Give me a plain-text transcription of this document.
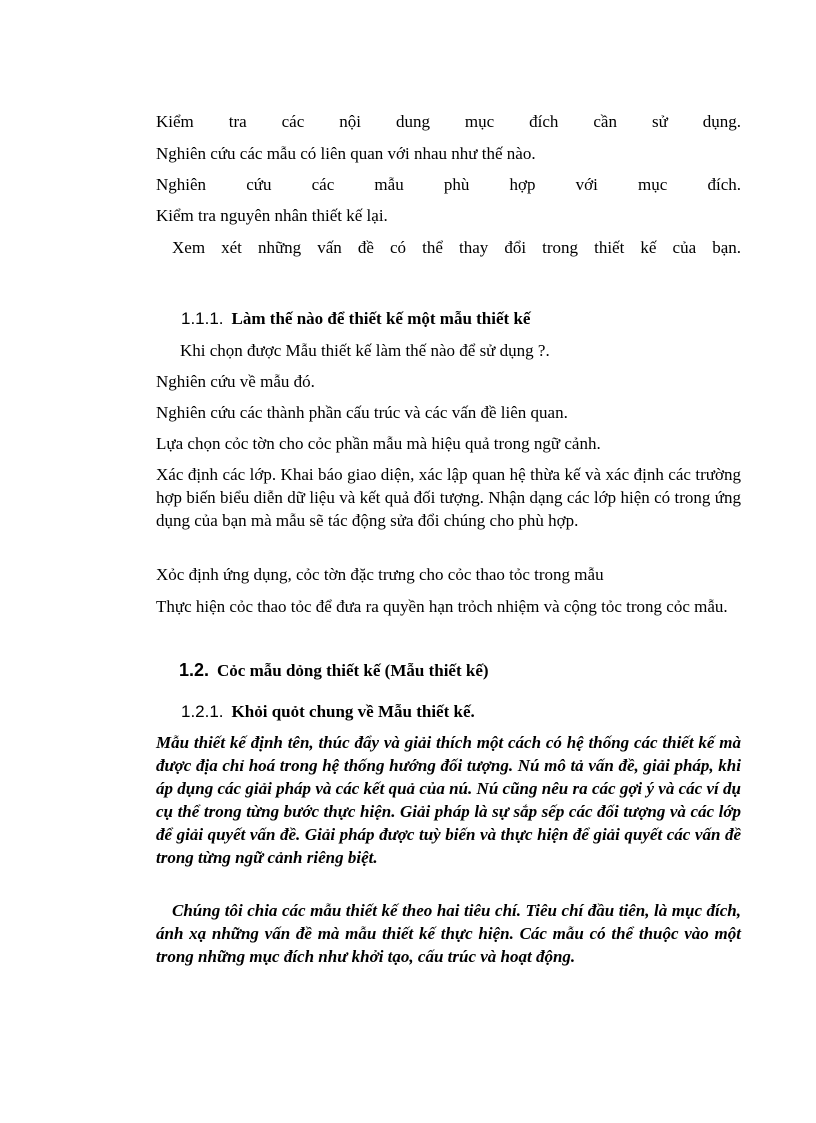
Kiểm tra các nội dung mục đích cần sử dụng.
Nghiên cứu các mẫu có liên quan với nhau như thế nào.
Nghiên cứu các mẫu phù hợp với mục đích.
Kiểm tra nguyên nhân thiết kế lại.
Xem xét những vấn đề có thể thay đổi trong thiết kế của bạn.
1.1.1. Làm thế nào để thiết kế một mẫu thiết kế
Khi chọn được Mẫu thiết kế làm thế nào để sử dụng ?.
Nghiên cứu về mẫu đó.
Nghiên cứu các thành phần cấu trúc và các vấn đề liên quan.
Lựa chọn cỏc tờn cho cỏc phần mẫu mà hiệu quả trong ngữ cảnh.
Xác định các lớp. Khai báo giao diện, xác lập quan hệ thừa kế và xác định các trường hợp biến biểu diễn dữ liệu và kết quả đối tượng. Nhận dạng các lớp hiện có trong ứng dụng của bạn mà mẫu sẽ tác động sửa đổi chúng cho phù hợp.
Xỏc định ứng dụng, cỏc tờn đặc trưng cho cỏc thao tỏc trong mẫu
Thực hiện cỏc thao tỏc để đưa ra quyền hạn trỏch nhiệm và cộng tỏc trong cỏc mẫu.
1.2. Cỏc mẫu dỏng thiết kế (Mẫu thiết kế)
1.2.1. Khỏi quỏt chung về Mẫu thiết kế.
Mẫu thiết kế định tên, thúc đẩy và giải thích một cách có hệ thống các thiết kế mà được địa chỉ hoá trong hệ thống hướng đối tượng. Nú mô tả vấn đề, giải pháp, khi áp dụng các giải pháp và các kết quả của nú. Nú cũng nêu ra các gợi ý và các ví dụ cụ thể trong từng bước thực hiện. Giải pháp là sự sắp sếp các đối tượng và các lớp để giải quyết vấn đề. Giải pháp được tuỳ biến và thực hiện để giải quyết các vấn đề trong từng ngữ cảnh riêng biệt.
Chúng tôi chia các mẫu thiết kế theo hai tiêu chí. Tiêu chí đầu tiên, là mục đích, ánh xạ những vấn đề mà mẫu thiết kế thực hiện. Các mẫu có thể thuộc vào một trong những mục đích như khởi tạo, cấu trúc và hoạt động.
